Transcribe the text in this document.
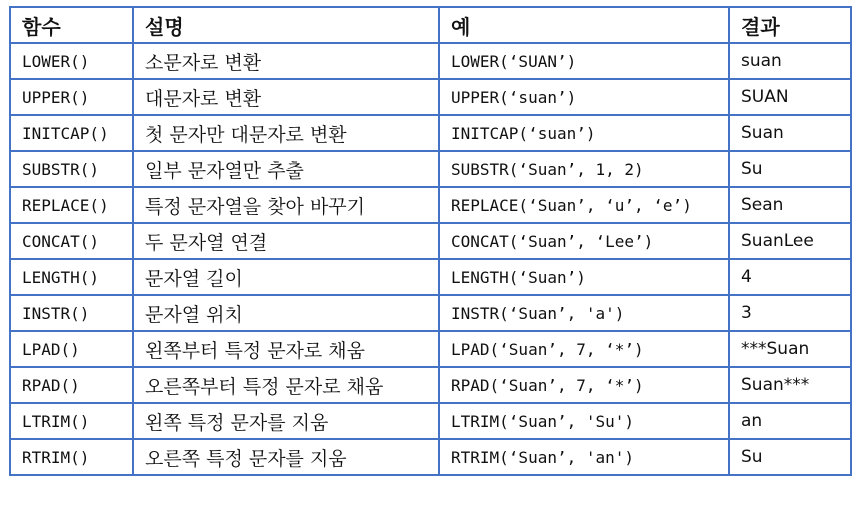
함수	설명	예	결과
LOWER()	소문자로 변환	LOWER(‘SUAN’)	suan
UPPER()	대문자로 변환	UPPER(‘suan’)	SUAN
INITCAP()	첫 문자만 대문자로 변환	INITCAP(‘suan’)	Suan
SUBSTR()	일부 문자열만 추출	SUBSTR(‘Suan’, 1, 2)	Su
REPLACE()	특정 문자열을 찾아 바꾸기	REPLACE(‘Suan’, ‘u’, ‘e’)	Sean
CONCAT()	두 문자열 연결	CONCAT(‘Suan’, ‘Lee’)	SuanLee
LENGTH()	문자열 길이	LENGTH(‘Suan’)	4
INSTR()	문자열 위치	INSTR(‘Suan’, 'a')	3
LPAD()	왼쪽부터 특정 문자로 채움	LPAD(‘Suan’, 7, ‘*’)	***Suan
RPAD()	오른쪽부터 특정 문자로 채움	RPAD(‘Suan’, 7, ‘*’)	Suan***
LTRIM()	왼쪽 특정 문자를 지움	LTRIM(‘Suan’, 'Su')	an
RTRIM()	오른쪽 특정 문자를 지움	RTRIM(‘Suan’, 'an')	Su
